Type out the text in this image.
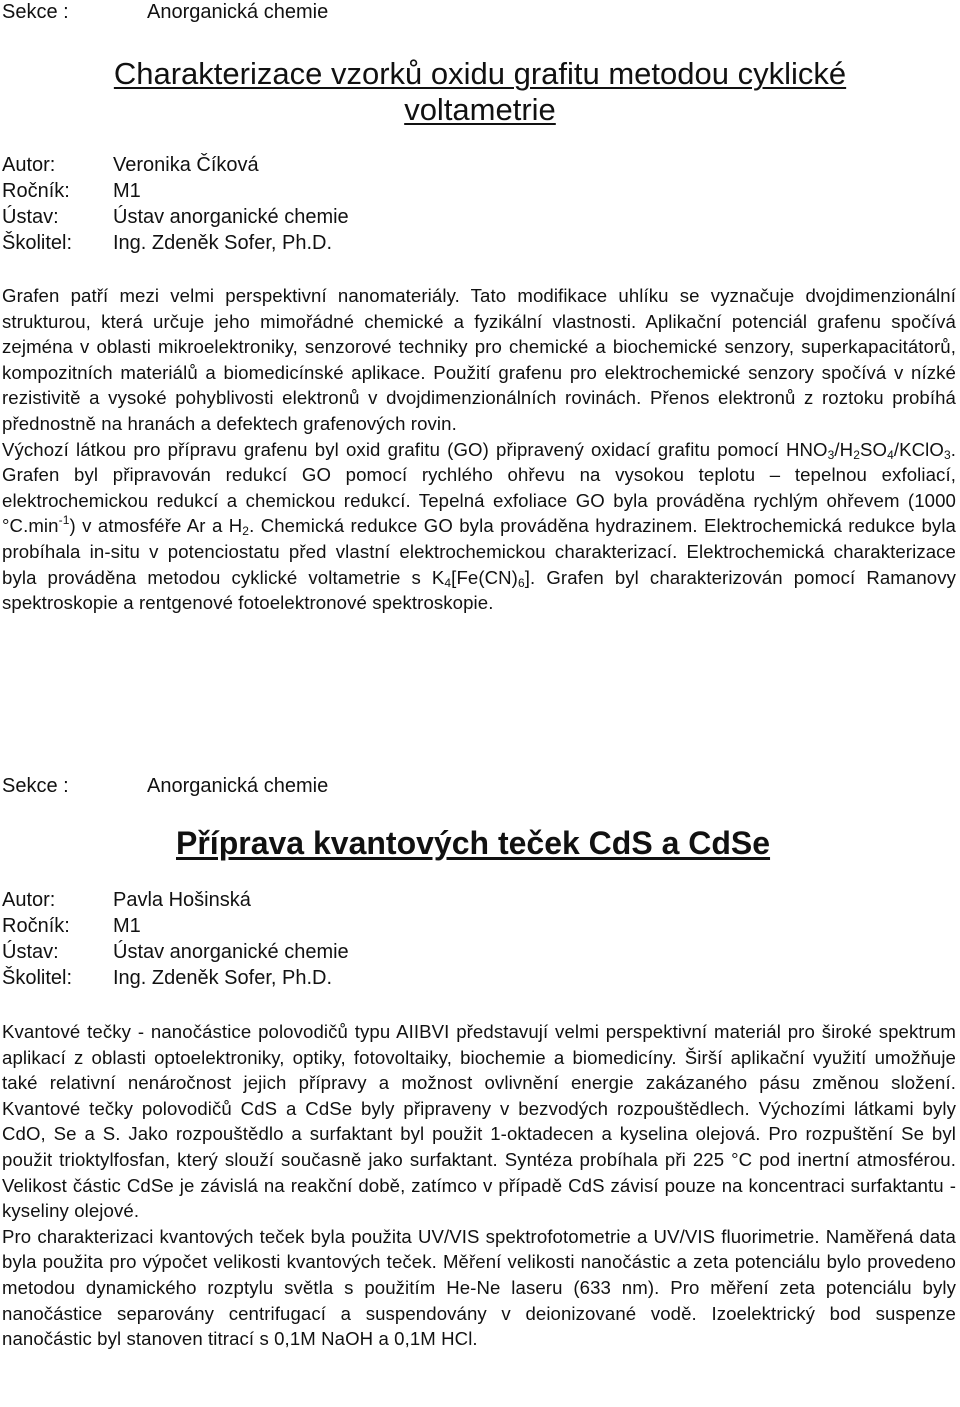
Sekce :	Anorganická chemie
Charakterizace vzorků oxidu grafitu metodou cyklické
voltametrie
Autor:	Veronika Číková
Ročník: M1
Ústav:	Ústav anorganické chemie
Školitel: Ing. Zdeněk Sofer, Ph.D.

Grafen patří mezi velmi perspektivní nanomateriály. Tato modifikace uhlíku se vyznačuje dvojdimenzionální strukturou, která určuje jeho mimořádné chemické a fyzikální vlastnosti. Aplikační potenciál grafenu spočívá zejména v oblasti mikroelektroniky, senzorové techniky pro chemické a biochemické senzory, superkapacitátorů, kompozitních materiálů a biomedicínské aplikace. Použití grafenu pro elektrochemické senzory spočívá v nízké rezistivitě a vysoké pohyblivosti elektronů v dvojdimenzionálních rovinách. Přenos elektronů z roztoku probíhá přednostně na hranách a defektech grafenových rovin.

Výchozí látkou pro přípravu grafenu byl oxid grafitu (GO) připravený oxidací grafitu pomocí $HNO_3/H_2SO_4/KClO_3$. Grafen byl připravován redukcí GO pomocí rychlého ohřevu na vysokou teplotu – tepelnou exfoliací, elektrochemickou redukcí a chemickou redukcí. Tepelná exfoliace GO byla prováděna rychlým ohřevem (1000 $^\circ C.\min^{-1}$) v atmosféře Ar a $H_2$. Chemická redukce GO byla prováděna hydrazinem. Elektrochemická redukce byla probíhala in-situ v potenciostatu před vlastní elektrochemickou charakterizací. Elektrochemická charakterizace byla prováděna metodou cyklické voltametrie s $K_4[Fe(CN)_6]$. Grafen byl charakterizován pomocí Ramanovy spektroskopie a rentgenové fotoelektronové spektroskopie.

Sekce :	Anorganická chemie
Příprava kvantových teček CdS a CdSe
Autor:	Pavla Hošinská
Ročník: M1
Ústav:	Ústav anorganické chemie
Školitel: Ing. Zdeněk Sofer, Ph.D.

Kvantové tečky - nanočástice polovodičů typu AIIBVI představují velmi perspektivní materiál pro široké spektrum aplikací z oblasti optoelektroniky, optiky, fotovoltaiky, biochemie a biomedicíny. Širší aplikační využití umožňuje také relativní nenáročnost jejich přípravy a možnost ovlivnění energie zakázaného pásu změnou složení. Kvantové tečky polovodičů CdS a CdSe byly připraveny v bezvodých rozpouštědlech. Výchozími látkami byly CdO, Se a S. Jako rozpouštědlo a surfaktant byl použit 1-oktadecen a kyselina olejová. Pro rozpuštění Se byl použit trioktylfosfan, který slouží současně jako surfaktant. Syntéza probíhala při 225 °C pod inertní atmosférou. Velikost částic CdSe je závislá na reakční době, zatímco v případě CdS závisí pouze na koncentraci surfaktantu - kyseliny olejové.

Pro charakterizaci kvantových teček byla použita UV/VIS spektrofotometrie a UV/VIS fluorimetrie. Naměřená data byla použita pro výpočet velikosti kvantových teček. Měření velikosti nanočástic a zeta potenciálu bylo provedeno metodou dynamického rozptylu světla s použitím He-Ne laseru (633 nm). Pro měření zeta potenciálu byly nanočástice separovány centrifugací a suspendovány v deionizované vodě. Izoelektrický bod suspenze nanočástic byl stanoven titrací s 0,1M NaOH a 0,1M HCl.
